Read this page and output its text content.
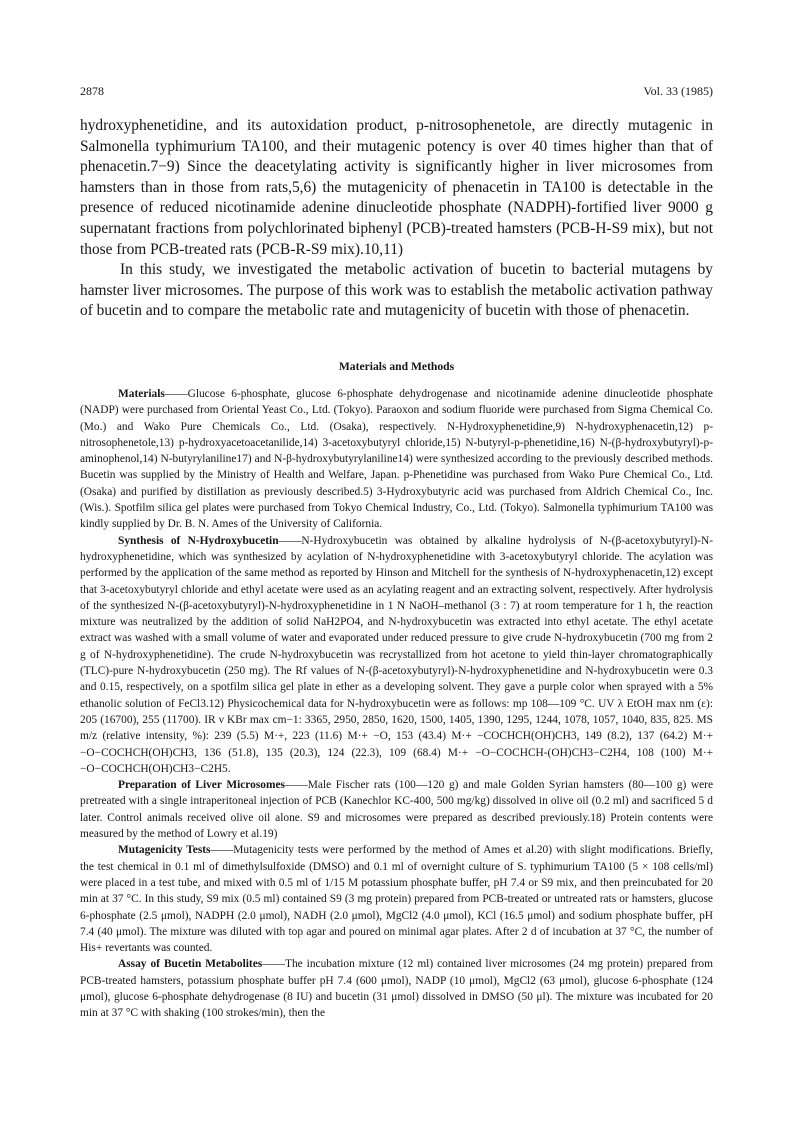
2878	Vol. 33 (1985)

hydroxyphenetidine, and its autoxidation product, p-nitrosophenetole, are directly mutagenic in Salmonella typhimurium TA100, and their mutagenic potency is over 40 times higher than that of phenacetin.7−9) Since the deacetylating activity is significantly higher in liver microsomes from hamsters than in those from rats,5,6) the mutagenicity of phenacetin in TA100 is detectable in the presence of reduced nicotinamide adenine dinucleotide phosphate (NADPH)-fortified liver 9000 g supernatant fractions from polychlorinated biphenyl (PCB)-treated hamsters (PCB-H-S9 mix), but not those from PCB-treated rats (PCB-R-S9 mix).10,11)

In this study, we investigated the metabolic activation of bucetin to bacterial mutagens by hamster liver microsomes. The purpose of this work was to establish the metabolic activation pathway of bucetin and to compare the metabolic rate and mutagenicity of bucetin with those of phenacetin.

Materials and Methods

Materials——Glucose 6-phosphate, glucose 6-phosphate dehydrogenase and nicotinamide adenine dinucleotide phosphate (NADP) were purchased from Oriental Yeast Co., Ltd. (Tokyo). Paraoxon and sodium fluoride were purchased from Sigma Chemical Co. (Mo.) and Wako Pure Chemicals Co., Ltd. (Osaka), respectively. N-Hydroxyphenetidine,9) N-hydroxyphenacetin,12) p-nitrosophenetole,13) p-hydroxyacetoacetanilide,14) 3-acetoxybutyryl chloride,15) N-butyryl-p-phenetidine,16) N-(β-hydroxybutyryl)-p-aminophenol,14) N-butyrylaniline17) and N-β-hydroxybutyrylaniline14) were synthesized according to the previously described methods. Bucetin was supplied by the Ministry of Health and Welfare, Japan. p-Phenetidine was purchased from Wako Pure Chemical Co., Ltd. (Osaka) and purified by distillation as previously described.5) 3-Hydroxybutyric acid was purchased from Aldrich Chemical Co., Inc. (Wis.). Spotfilm silica gel plates were purchased from Tokyo Chemical Industry, Co., Ltd. (Tokyo). Salmonella typhimurium TA100 was kindly supplied by Dr. B. N. Ames of the University of California.

Synthesis of N-Hydroxybucetin——N-Hydroxybucetin was obtained by alkaline hydrolysis of N-(β-acetoxybutyryl)-N-hydroxyphenetidine, which was synthesized by acylation of N-hydroxyphenetidine with 3-acetoxybutyryl chloride. The acylation was performed by the application of the same method as reported by Hinson and Mitchell for the synthesis of N-hydroxyphenacetin,12) except that 3-acetoxybutyryl chloride and ethyl acetate were used as an acylating reagent and an extracting solvent, respectively. After hydrolysis of the synthesized N-(β-acetoxybutyryl)-N-hydroxyphenetidine in 1 N NaOH–methanol (3 : 7) at room temperature for 1 h, the reaction mixture was neutralized by the addition of solid NaH2PO4, and N-hydroxybucetin was extracted into ethyl acetate. The ethyl acetate extract was washed with a small volume of water and evaporated under reduced pressure to give crude N-hydroxybucetin (700 mg from 2 g of N-hydroxyphenetidine). The crude N-hydroxybucetin was recrystallized from hot acetone to yield thin-layer chromatographically (TLC)-pure N-hydroxybucetin (250 mg). The Rf values of N-(β-acetoxybutyryl)-N-hydroxyphenetidine and N-hydroxybucetin were 0.3 and 0.15, respectively, on a spotfilm silica gel plate in ether as a developing solvent. They gave a purple color when sprayed with a 5% ethanolic solution of FeCl3.12) Physicochemical data for N-hydroxybucetin were as follows: mp 108—109 °C. UV λ EtOH max nm (ε): 205 (16700), 255 (11700). IR ν KBr max cm−1: 3365, 2950, 2850, 1620, 1500, 1405, 1390, 1295, 1244, 1078, 1057, 1040, 835, 825. MS m/z (relative intensity, %): 239 (5.5) M·+, 223 (11.6) M·+ −O, 153 (43.4) M·+ −COCHCH(OH)CH3, 149 (8.2), 137 (64.2) M·+ −O−COCHCH(OH)CH3, 136 (51.8), 135 (20.3), 124 (22.3), 109 (68.4) M·+ −O−COCHCH-(OH)CH3−C2H4, 108 (100) M·+ −O−COCHCH(OH)CH3−C2H5.

Preparation of Liver Microsomes——Male Fischer rats (100—120 g) and male Golden Syrian hamsters (80—100 g) were pretreated with a single intraperitoneal injection of PCB (Kanechlor KC-400, 500 mg/kg) dissolved in olive oil (0.2 ml) and sacrificed 5 d later. Control animals received olive oil alone. S9 and microsomes were prepared as described previously.18) Protein contents were measured by the method of Lowry et al.19)

Mutagenicity Tests——Mutagenicity tests were performed by the method of Ames et al.20) with slight modifications. Briefly, the test chemical in 0.1 ml of dimethylsulfoxide (DMSO) and 0.1 ml of overnight culture of S. typhimurium TA100 (5 × 108 cells/ml) were placed in a test tube, and mixed with 0.5 ml of 1/15 M potassium phosphate buffer, pH 7.4 or S9 mix, and then preincubated for 20 min at 37 °C. In this study, S9 mix (0.5 ml) contained S9 (3 mg protein) prepared from PCB-treated or untreated rats or hamsters, glucose 6-phosphate (2.5 μmol), NADPH (2.0 μmol), NADH (2.0 μmol), MgCl2 (4.0 μmol), KCl (16.5 μmol) and sodium phosphate buffer, pH 7.4 (40 μmol). The mixture was diluted with top agar and poured on minimal agar plates. After 2 d of incubation at 37 °C, the number of His+ revertants was counted.

Assay of Bucetin Metabolites——The incubation mixture (12 ml) contained liver microsomes (24 mg protein) prepared from PCB-treated hamsters, potassium phosphate buffer pH 7.4 (600 μmol), NADP (10 μmol), MgCl2 (63 μmol), glucose 6-phosphate (124 μmol), glucose 6-phosphate dehydrogenase (8 IU) and bucetin (31 μmol) dissolved in DMSO (50 μl). The mixture was incubated for 20 min at 37 °C with shaking (100 strokes/min), then the
